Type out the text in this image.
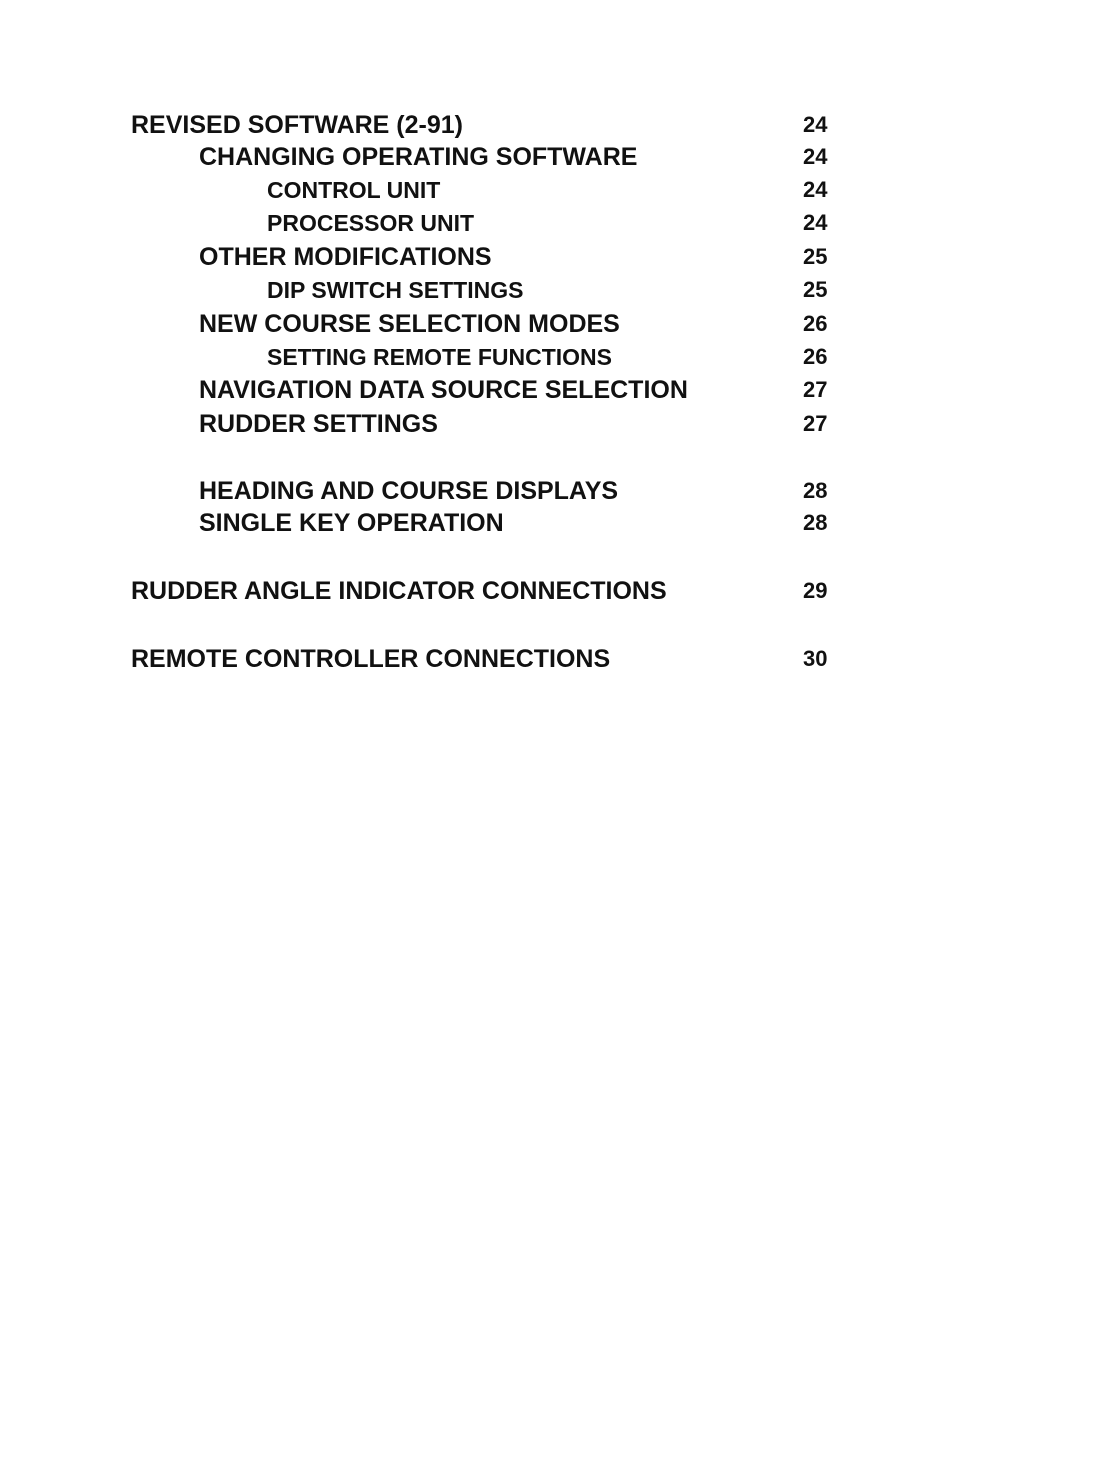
REVISED SOFTWARE (2-91)	24
CHANGING OPERATING SOFTWARE	24
CONTROL UNIT	24
PROCESSOR UNIT	24
OTHER MODIFICATIONS	25
DIP SWITCH SETTINGS	25
NEW COURSE SELECTION MODES	26
SETTING REMOTE FUNCTIONS	26
NAVIGATION DATA SOURCE SELECTION	27
RUDDER SETTINGS	27
HEADING AND COURSE DISPLAYS	28
SINGLE KEY OPERATION	28
RUDDER ANGLE INDICATOR CONNECTIONS	29
REMOTE CONTROLLER CONNECTIONS	30
